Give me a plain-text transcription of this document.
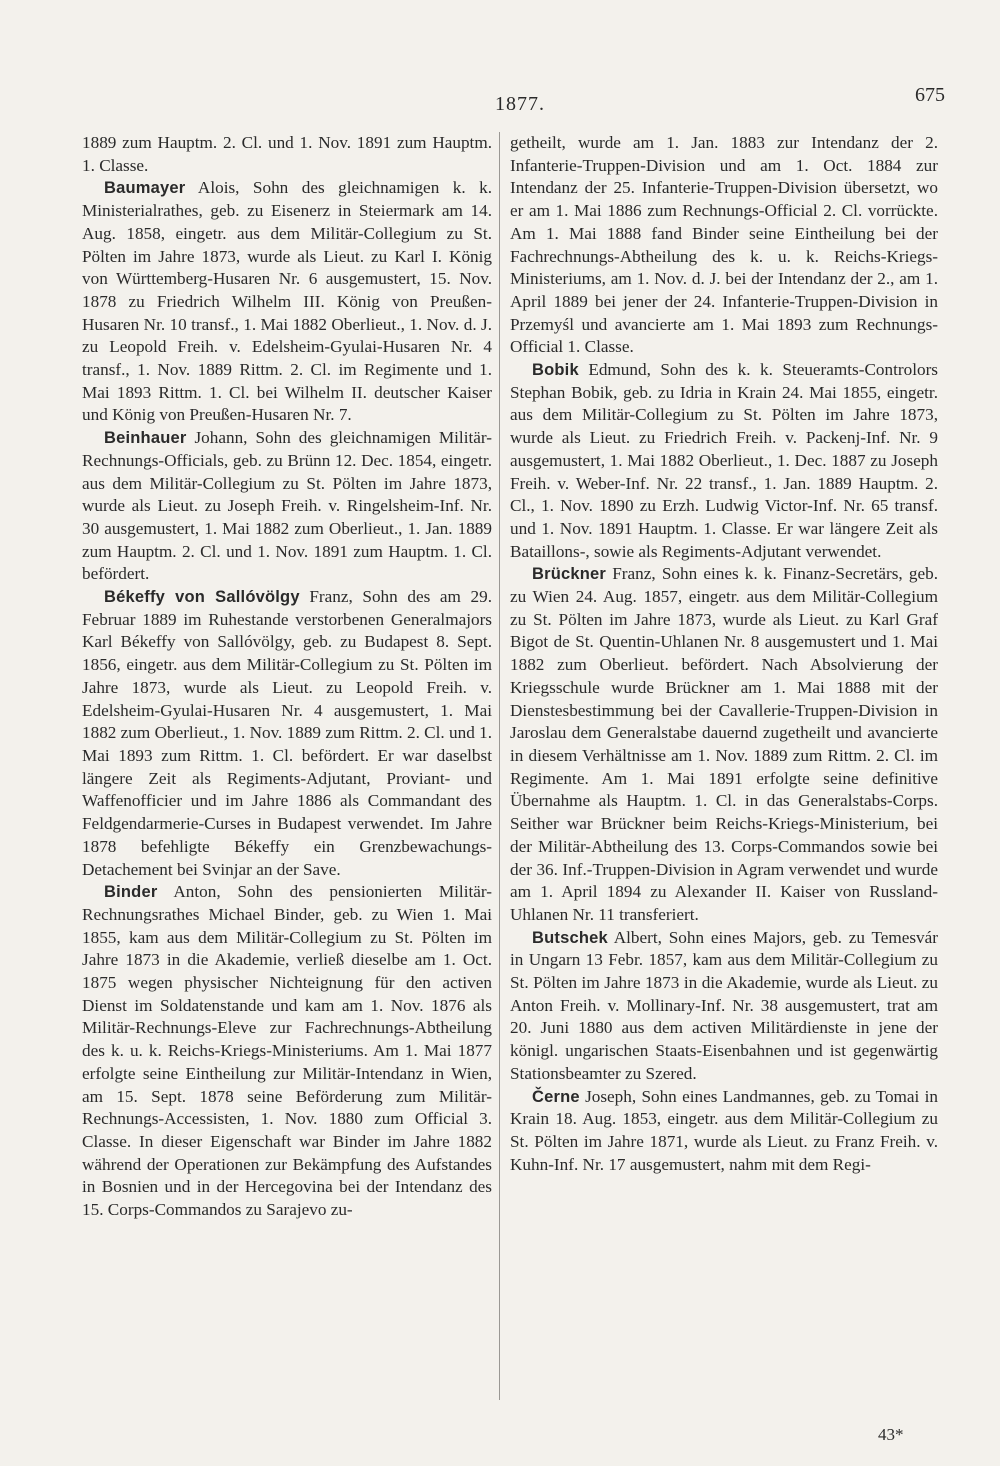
1877.	675

1889 zum Hauptm. 2. Cl. und 1. Nov. 1891 zum Hauptm. 1. Classe.

Baumayer Alois, Sohn des gleichnamigen k. k. Ministerialrathes, geb. zu Eisenerz in Steiermark am 14. Aug. 1858, eingetr. aus dem Militär-Collegium zu St. Pölten im Jahre 1873, wurde als Lieut. zu Karl I. König von Württemberg-Husaren Nr. 6 ausgemustert, 15. Nov. 1878 zu Friedrich Wilhelm III. König von Preußen-Husaren Nr. 10 transf., 1. Mai 1882 Oberlieut., 1. Nov. d. J. zu Leopold Freih. v. Edelsheim-Gyulai-Husaren Nr. 4 transf., 1. Nov. 1889 Rittm. 2. Cl. im Regimente und 1. Mai 1893 Rittm. 1. Cl. bei Wilhelm II. deutscher Kaiser und König von Preußen-Husaren Nr. 7.

Beinhauer Johann, Sohn des gleichnamigen Militär-Rechnungs-Officials, geb. zu Brünn 12. Dec. 1854, eingetr. aus dem Militär-Collegium zu St. Pölten im Jahre 1873, wurde als Lieut. zu Joseph Freih. v. Ringelsheim-Inf. Nr. 30 ausgemustert, 1. Mai 1882 zum Oberlieut., 1. Jan. 1889 zum Hauptm. 2. Cl. und 1. Nov. 1891 zum Hauptm. 1. Cl. befördert.

Békeffy von Sallóvölgy Franz, Sohn des am 29. Februar 1889 im Ruhestande verstorbenen Generalmajors Karl Békeffy von Sallóvölgy, geb. zu Budapest 8. Sept. 1856, eingetr. aus dem Militär-Collegium zu St. Pölten im Jahre 1873, wurde als Lieut. zu Leopold Freih. v. Edelsheim-Gyulai-Husaren Nr. 4 ausgemustert, 1. Mai 1882 zum Oberlieut., 1. Nov. 1889 zum Rittm. 2. Cl. und 1. Mai 1893 zum Rittm. 1. Cl. befördert. Er war daselbst längere Zeit als Regiments-Adjutant, Proviant- und Waffenofficier und im Jahre 1886 als Commandant des Feldgendarmerie-Curses in Budapest verwendet. Im Jahre 1878 befehligte Békeffy ein Grenzbewachungs-Detachement bei Svinjar an der Save.

Binder Anton, Sohn des pensionierten Militär-Rechnungsrathes Michael Binder, geb. zu Wien 1. Mai 1855, kam aus dem Militär-Collegium zu St. Pölten im Jahre 1873 in die Akademie, verließ dieselbe am 1. Oct. 1875 wegen physischer Nichteignung für den activen Dienst im Soldatenstande und kam am 1. Nov. 1876 als Militär-Rechnungs-Eleve zur Fachrechnungs-Abtheilung des k. u. k. Reichs-Kriegs-Ministeriums. Am 1. Mai 1877 erfolgte seine Eintheilung zur Militär-Intendanz in Wien, am 15. Sept. 1878 seine Beförderung zum Militär-Rechnungs-Accessisten, 1. Nov. 1880 zum Official 3. Classe. In dieser Eigenschaft war Binder im Jahre 1882 während der Operationen zur Bekämpfung des Aufstandes in Bosnien und in der Hercegovina bei der Intendanz des 15. Corps-Commandos zu Sarajevo zu-

getheilt, wurde am 1. Jan. 1883 zur Intendanz der 2. Infanterie-Truppen-Division und am 1. Oct. 1884 zur Intendanz der 25. Infanterie-Truppen-Division übersetzt, wo er am 1. Mai 1886 zum Rechnungs-Official 2. Cl. vorrückte. Am 1. Mai 1888 fand Binder seine Eintheilung bei der Fachrechnungs-Abtheilung des k. u. k. Reichs-Kriegs-Ministeriums, am 1. Nov. d. J. bei der Intendanz der 2., am 1. April 1889 bei jener der 24. Infanterie-Truppen-Division in Przemyśl und avancierte am 1. Mai 1893 zum Rechnungs-Official 1. Classe.

Bobik Edmund, Sohn des k. k. Steueramts-Controlors Stephan Bobik, geb. zu Idria in Krain 24. Mai 1855, eingetr. aus dem Militär-Collegium zu St. Pölten im Jahre 1873, wurde als Lieut. zu Friedrich Freih. v. Packenj-Inf. Nr. 9 ausgemustert, 1. Mai 1882 Oberlieut., 1. Dec. 1887 zu Joseph Freih. v. Weber-Inf. Nr. 22 transf., 1. Jan. 1889 Hauptm. 2. Cl., 1. Nov. 1890 zu Erzh. Ludwig Victor-Inf. Nr. 65 transf. und 1. Nov. 1891 Hauptm. 1. Classe. Er war längere Zeit als Bataillons-, sowie als Regiments-Adjutant verwendet.

Brückner Franz, Sohn eines k. k. Finanz-Secretärs, geb. zu Wien 24. Aug. 1857, eingetr. aus dem Militär-Collegium zu St. Pölten im Jahre 1873, wurde als Lieut. zu Karl Graf Bigot de St. Quentin-Uhlanen Nr. 8 ausgemustert und 1. Mai 1882 zum Oberlieut. befördert. Nach Absolvierung der Kriegsschule wurde Brückner am 1. Mai 1888 mit der Dienstesbestimmung bei der Cavallerie-Truppen-Division in Jaroslau dem Generalstabe dauernd zugetheilt und avancierte in diesem Verhältnisse am 1. Nov. 1889 zum Rittm. 2. Cl. im Regimente. Am 1. Mai 1891 erfolgte seine definitive Übernahme als Hauptm. 1. Cl. in das Generalstabs-Corps. Seither war Brückner beim Reichs-Kriegs-Ministerium, bei der Militär-Abtheilung des 13. Corps-Commandos sowie bei der 36. Inf.-Truppen-Division in Agram verwendet und wurde am 1. April 1894 zu Alexander II. Kaiser von Russland-Uhlanen Nr. 11 transferiert.

Butschek Albert, Sohn eines Majors, geb. zu Temesvár in Ungarn 13 Febr. 1857, kam aus dem Militär-Collegium zu St. Pölten im Jahre 1873 in die Akademie, wurde als Lieut. zu Anton Freih. v. Mollinary-Inf. Nr. 38 ausgemustert, trat am 20. Juni 1880 aus dem activen Militärdienste in jene der königl. ungarischen Staats-Eisenbahnen und ist gegenwärtig Stationsbeamter zu Szered.

Černe Joseph, Sohn eines Landmannes, geb. zu Tomai in Krain 18. Aug. 1853, eingetr. aus dem Militär-Collegium zu St. Pölten im Jahre 1871, wurde als Lieut. zu Franz Freih. v. Kuhn-Inf. Nr. 17 ausgemustert, nahm mit dem Regi-

43*
